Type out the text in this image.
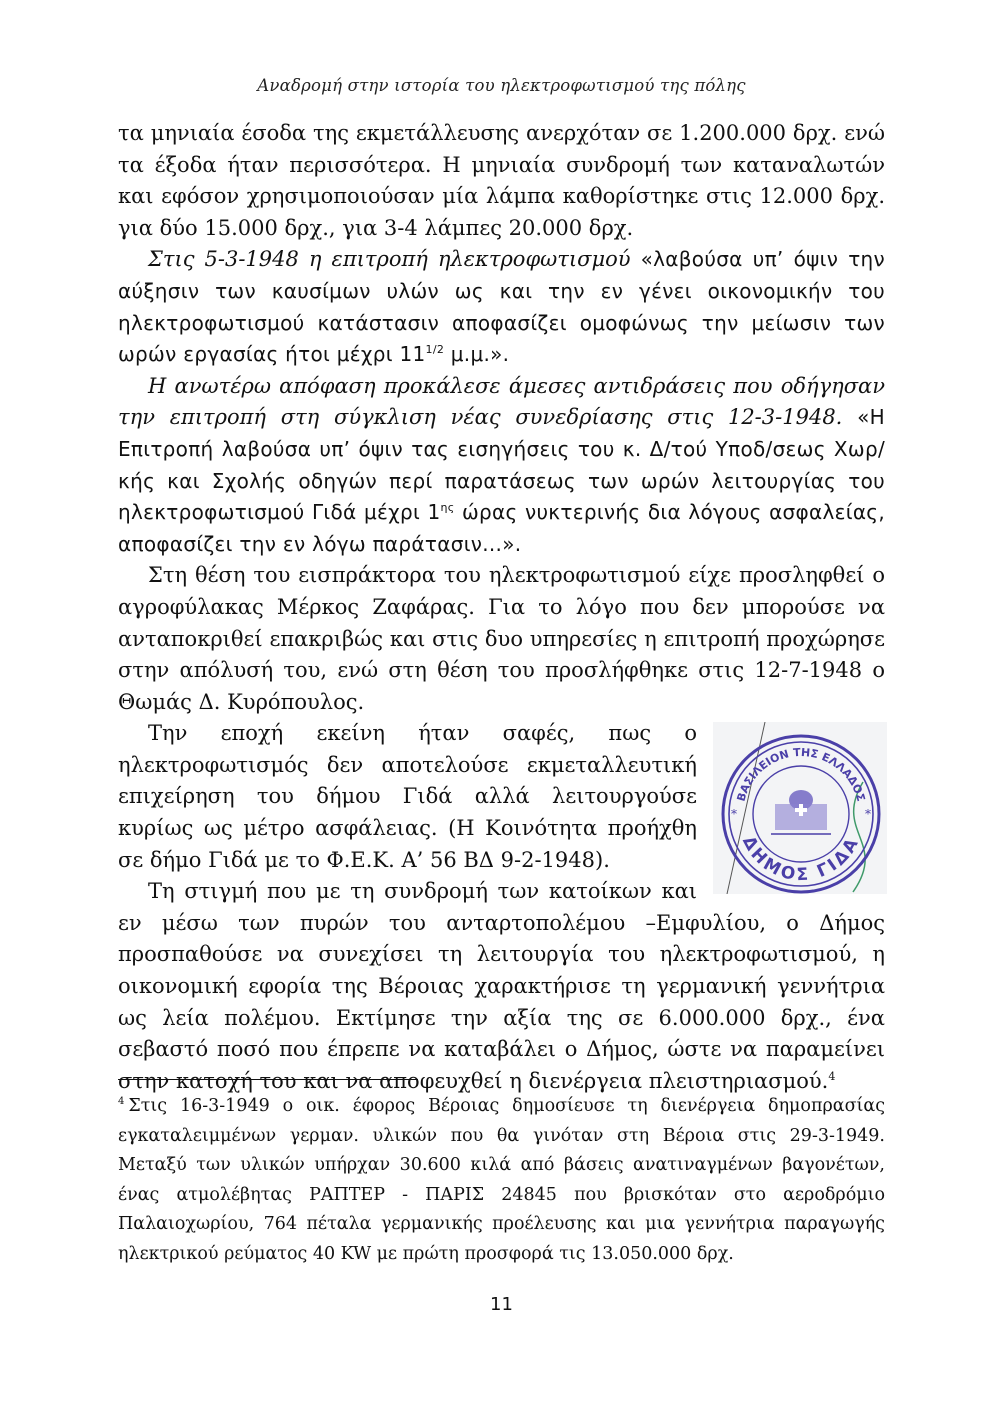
Αναδρομή στην ιστορία του ηλεκτροφωτισμού της πόλης

τα μηνιαία έσοδα της εκμετάλλευσης ανερχόταν σε 1.200.000 δρχ. ενώ τα έξοδα ήταν περισσότερα. Η μηνιαία συνδρομή των καταναλωτών και εφόσον χρησιμοποιούσαν μία λάμπα καθορίστηκε στις 12.000 δρχ. για δύο 15.000 δρχ., για 3-4 λάμπες 20.000 δρχ.

Στις 5-3-1948 η επιτροπή ηλεκτροφωτισμού «λαβούσα υπ’ όψιν την αύξησιν των καυσίμων υλών ως και την εν γένει οικονομικήν του ηλεκτροφωτισμού κατάστασιν αποφασίζει ομοφώνως την μείωσιν των ωρών εργασίας ήτοι μέχρι $11^{1/2}$ μ.μ.».

Η ανωτέρω απόφαση προκάλεσε άμεσες αντιδράσεις που οδήγησαν την επιτροπή στη σύγκλιση νέας συνεδρίασης στις 12-3-1948. «Η Επιτροπή λαβούσα υπ’ όψιν τας εισηγήσεις του κ. Δ/τού Υποδ/σεως Χωρ/κής και Σχολής οδηγών περί παρατάσεως των ωρών λειτουργίας του ηλεκτροφωτισμού Γιδά μέχρι $1^{\eta\varsigma}$ ώρας νυκτερινής δια λόγους ασφαλείας, αποφασίζει την εν λόγω παράτασιν...».

Στη θέση του εισπράκτορα του ηλεκτροφωτισμού είχε προσληφθεί ο αγροφύλακας Μέρκος Ζαφάρας. Για το λόγο που δεν μπορούσε να ανταποκριθεί επακριβώς και στις δυο υπηρεσίες η επιτροπή προχώρησε στην απόλυσή του, ενώ στη θέση του προσλήφθηκε στις 12-7-1948 ο Θωμάς Δ. Κυρόπουλος.

ΒΑΣΙΛΕΙΟΝ ΤΗΣ ΕΛΛΑΔΟΣ
ΔΗΜΟΣ ΓΙΔΑ
*	*

Την εποχή εκείνη ήταν σαφές, πως ο ηλεκτροφωτισμός δεν αποτελούσε εκμεταλλευτική επιχείρηση του δήμου Γιδά αλλά λειτουργούσε κυρίως ως μέτρο ασφάλειας. (Η Κοινότητα προήχθη σε δήμο Γιδά με το Φ.Ε.Κ. Α’ 56 ΒΔ 9-2-1948).

Τη στιγμή που με τη συνδρομή των κατοίκων και εν μέσω των πυρών του ανταρτοπολέμου –Εμφυλίου, ο Δήμος προσπαθούσε να συνεχίσει τη λειτουργία του ηλεκτροφωτισμού, η οικονομική εφορία της Βέροιας χαρακτήρισε τη γερμανική γεννήτρια ως λεία πολέμου. Εκτίμησε την αξία της σε 6.000.000 δρχ., ένα σεβαστό ποσό που έπρεπε να καταβάλει ο Δήμος, ώστε να παραμείνει στην κατοχή του και να αποφευχθεί η διενέργεια πλειστηριασμού.$^4$

$^4$ Στις 16-3-1949 ο οικ. έφορος Βέροιας δημοσίευσε τη διενέργεια δημοπρασίας εγκαταλειμμένων γερμαν. υλικών που θα γινόταν στη Βέροια στις 29-3-1949. Μεταξύ των υλικών υπήρχαν 30.600 κιλά από βάσεις ανατιναγμένων βαγονέτων, ένας ατμολέβητας ΡΑΠΤΕΡ - ΠΑΡΙΣ 24845 που βρισκόταν στο αεροδρόμιο Παλαιοχωρίου, 764 πέταλα γερμανικής προέλευσης και μια γεννήτρια παραγωγής ηλεκτρικού ρεύματος 40 KW με πρώτη προσφορά τις 13.050.000 δρχ.

11
